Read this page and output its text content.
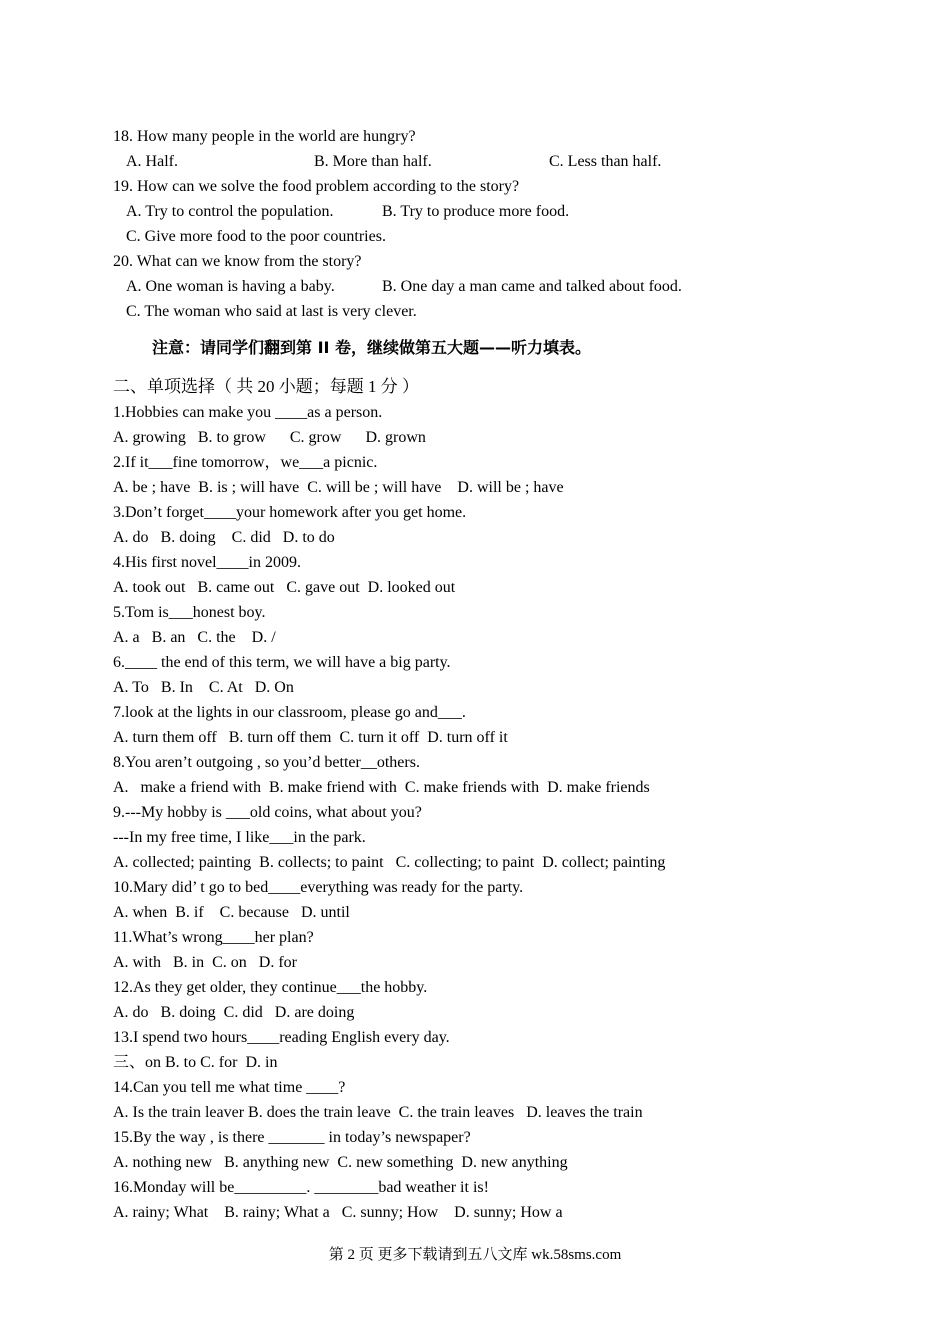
18. How many people in the world are hungry?

A. Half.

	B. More than half.

	C. Less than half.

19. How can we solve the food problem according to the story?

A. Try to control the population.

	B. Try to produce more food.

C. Give more food to the poor countries.
20. What can we know from the story?

A. One woman is having a baby.

	B. One day a man came and talked about food.

C. The woman who said at last is very clever.
注意：请同学们翻到第 II 卷，继续做第五大题——听力填表。
二、单项选择（ 共 20 小题；每题 1 分 ）
1.Hobbies can make you ____as a person.
A. growing   B. to grow      C. grow      D. grown
2.If it___fine tomorrow，we___a picnic.
A. be ; have  B. is ; will have  C. will be ; will have    D. will be ; have
3.Don’t forget____your homework after you get home.
A. do   B. doing    C. did   D. to do
4.His first novel____in 2009.
A. took out   B. came out   C. gave out  D. looked out
5.Tom is___honest boy.
A. a   B. an   C. the    D. /
6.____ the end of this term, we will have a big party.
A. To   B. In    C. At   D. On
7.look at the lights in our classroom, please go and___.
A. turn them off   B. turn off them  C. turn it off  D. turn off it
8.You aren’t outgoing , so you’d better__others.
A.   make a friend with  B. make friend with  C. make friends with  D. make friends
9.---My hobby is ___old coins, what about you?
---In my free time, I like___in the park.
A. collected; painting  B. collects; to paint   C. collecting; to paint  D. collect; painting
10.Mary did’ t go to bed____everything was ready for the party.
A. when  B. if    C. because   D. until
11.What’s wrong____her plan?
A. with   B. in  C. on   D. for
12.As they get older, they continue___the hobby.
A. do   B. doing  C. did   D. are doing
13.I spend two hours____reading English every day.
三、on B. to C. for  D. in
14.Can you tell me what time ____?
A. Is the train leaver B. does the train leave  C. the train leaves   D. leaves the train
15.By the way , is there _______ in today’s newspaper?
A. nothing new   B. anything new  C. new something  D. new anything
16.Monday will be_________. ________bad weather it is!
A. rainy; What    B. rainy; What a   C. sunny; How    D. sunny; How a
第 2 页 更多下载请到五八文库 wk.58sms.com
